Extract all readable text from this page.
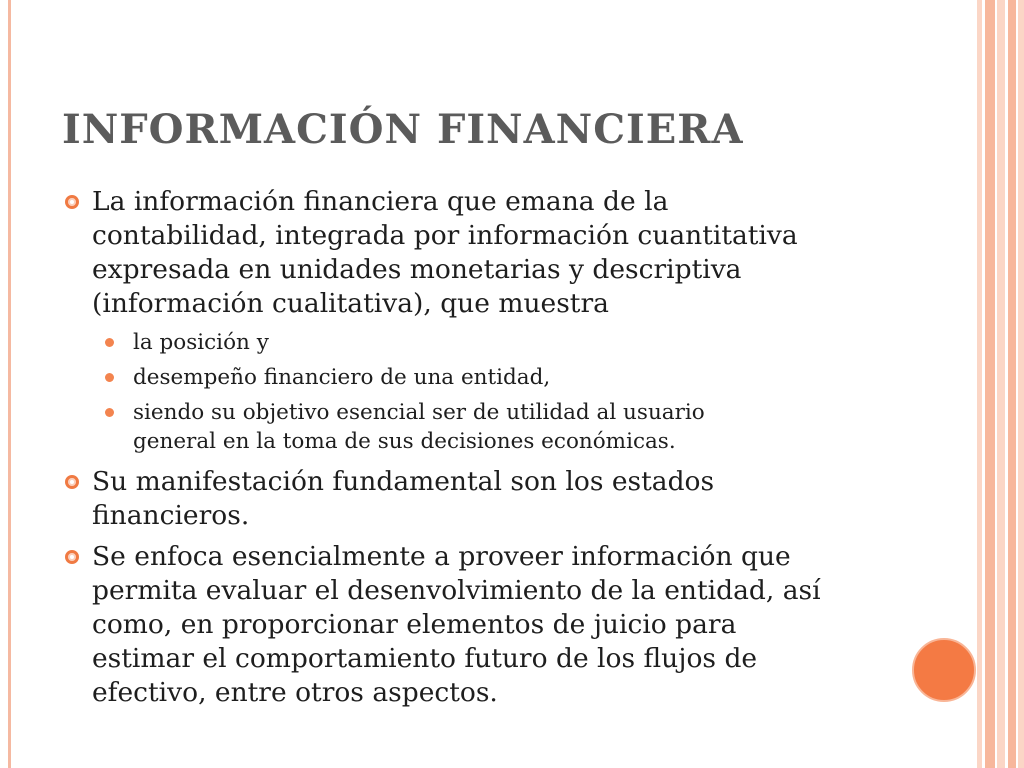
INFORMACIÓN FINANCIERA
La información financiera que emana de la
contabilidad, integrada por información cuantitativa
expresada en unidades monetarias y descriptiva
(información cualitativa), que muestra
la posición y
desempeño financiero de una entidad,
siendo su objetivo esencial ser de utilidad al usuario
general en la toma de sus decisiones económicas.
Su manifestación fundamental son los estados
financieros.
Se enfoca esencialmente a proveer información que
permita evaluar el desenvolvimiento de la entidad, así
como, en proporcionar elementos de juicio para
estimar el comportamiento futuro de los flujos de
efectivo, entre otros aspectos.
